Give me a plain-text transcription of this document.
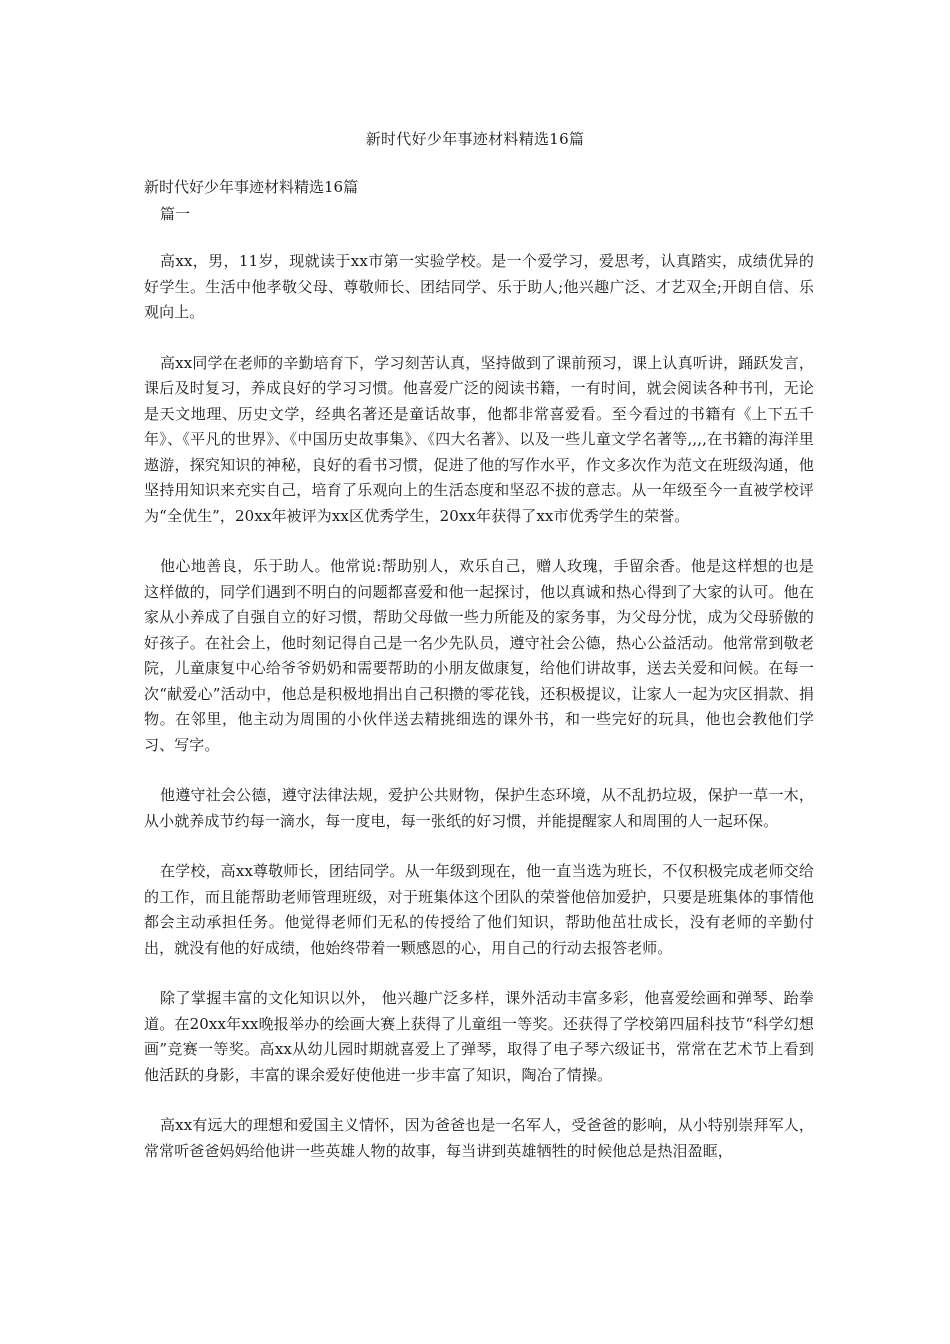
新时代好少年事迹材料精选16篇
新时代好少年事迹材料精选16篇
篇一

高xx，男，11岁，现就读于xx市第一实验学校。是一个爱学习，爱思考，认真踏实，成绩优异的好学生。生活中他孝敬父母、尊敬师长、团结同学、乐于助人;他兴趣广泛、才艺双全;开朗自信、乐观向上。

高xx同学在老师的辛勤培育下，学习刻苦认真，坚持做到了课前预习，课上认真听讲，踊跃发言，课后及时复习，养成良好的学习习惯。他喜爱广泛的阅读书籍，一有时间，就会阅读各种书刊，无论是天文地理、历史文学，经典名著还是童话故事，他都非常喜爱看。至今看过的书籍有《上下五千年》、《平凡的世界》、《中国历史故事集》、《四大名著》、以及一些儿童文学名著等,,,,在书籍的海洋里遨游，探究知识的神秘，良好的看书习惯，促进了他的写作水平，作文多次作为范文在班级沟通，他坚持用知识来充实自己，培育了乐观向上的生活态度和坚忍不拔的意志。从一年级至今一直被学校评为“全优生”，20xx年被评为xx区优秀学生，20xx年获得了xx市优秀学生的荣誉。

他心地善良，乐于助人。他常说:帮助别人，欢乐自己，赠人玫瑰，手留余香。他是这样想的也是这样做的，同学们遇到不明白的问题都喜爱和他一起探讨，他以真诚和热心得到了大家的认可。他在家从小养成了自强自立的好习惯，帮助父母做一些力所能及的家务事，为父母分忧，成为父母骄傲的好孩子。在社会上，他时刻记得自己是一名少先队员，遵守社会公德，热心公益活动。他常常到敬老院，儿童康复中心给爷爷奶奶和需要帮助的小朋友做康复，给他们讲故事，送去关爱和问候。在每一次“献爱心”活动中，他总是积极地捐出自己积攒的零花钱，还积极提议，让家人一起为灾区捐款、捐物。在邻里，他主动为周围的小伙伴送去精挑细选的课外书，和一些完好的玩具，他也会教他们学习、写字。

他遵守社会公德，遵守法律法规，爱护公共财物，保护生态环境，从不乱扔垃圾，保护一草一木，从小就养成节约每一滴水，每一度电，每一张纸的好习惯，并能提醒家人和周围的人一起环保。

在学校，高xx尊敬师长，团结同学。从一年级到现在，他一直当选为班长，不仅积极完成老师交给的工作，而且能帮助老师管理班级，对于班集体这个团队的荣誉他倍加爱护，只要是班集体的事情他都会主动承担任务。他觉得老师们无私的传授给了他们知识，帮助他茁壮成长，没有老师的辛勤付出，就没有他的好成绩，他始终带着一颗感恩的心，用自己的行动去报答老师。

除了掌握丰富的文化知识以外， 他兴趣广泛多样，课外活动丰富多彩，他喜爱绘画和弹琴、跆拳道。在20xx年xx晚报举办的绘画大赛上获得了儿童组一等奖。还获得了学校第四届科技节“科学幻想画”竞赛一等奖。高xx从幼儿园时期就喜爱上了弹琴，取得了电子琴六级证书，常常在艺术节上看到他活跃的身影，丰富的课余爱好使他进一步丰富了知识，陶冶了情操。

高xx有远大的理想和爱国主义情怀，因为爸爸也是一名军人，受爸爸的影响，从小特别崇拜军人，常常听爸爸妈妈给他讲一些英雄人物的故事，每当讲到英雄牺牲的时候他总是热泪盈眶，
